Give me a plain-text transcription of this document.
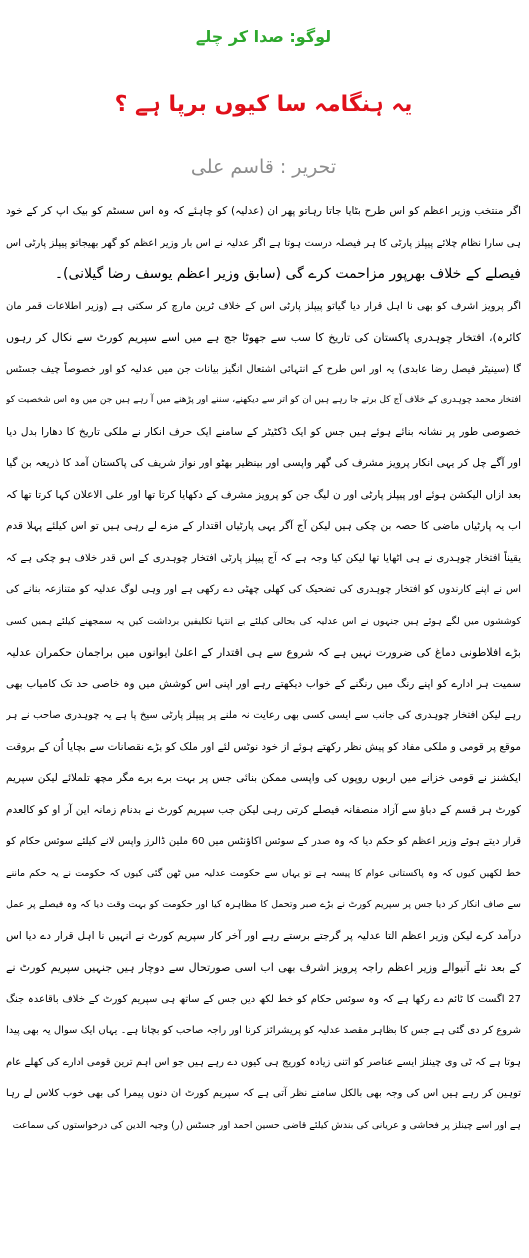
لوگو: صدا کر چلے
یہ ہنگامہ سا کیوں برپا ہے ؟
تحریر : قاسم علی
اگر منتخب وزیر اعظم کو اس طرح بٹایا جاتا رہاتو پھر ان (عدلیہ) کو چاہئے کہ وہ اس سسٹم کو بیک اپ کر کے خود
ہی سارا نظام چلائے پیپلز پارٹی کا ہر فیصلہ درست ہوتا ہے اگر عدلیہ نے اس بار وزیر اعظم کو گھر بھیجاتو پیپلز پارٹی اس
فیصلے کے خلاف بھرپور مزاحمت کرے گی (سابق وزیر اعظم یوسف رضا گیلانی)۔
اگر پرویز اشرف کو بھی نا اہل قرار دیا گیاتو پیپلز پارٹی اس کے خلاف ٹرین مارچ کر سکتی ہے (وزیر اطلاعات قمر مان
کائرہ)، افتخار چوہدری پاکستان کی تاریخ کا سب سے جھوٹا جج ہے میں اسے سپریم کورٹ سے نکال کر رہوں
گا (سینیٹر فیصل رضا عابدی) یہ اور اس طرح کے انتہائی اشتعال انگیز بیانات جن میں عدلیہ کو اور خصوصاً چیف جسٹس
افتخار محمد چوہدری کے خلاف آج کل برتے جا رہے ہیں ان کو اتر سے دیکھنے، سننے اور پڑھنے میں آ رہے ہیں جن میں وہ اس شخصیت کو
خصوصی طور پر نشانہ بنائے ہوئے ہیں جس کو ایک ڈکٹیٹر کے سامنے ایک حرف انکار نے ملکی تاریخ کا دھارا بدل دیا
اور آگے چل کر یہی انکار پرویز مشرف کی گھر واپسی اور بینظیر بھٹو اور نواز شریف کی پاکستان آمد کا ذریعہ بن گیا
بعد ازاں الیکشن ہوئے اور پیپلز پارٹی اور ن لیگ جن کو پرویز مشرف کے دکھایا کرتا تھا اور علی الاعلان کہا کرتا تھا کہ
اب یہ پارٹیاں ماضی کا حصہ بن چکی ہیں لیکن آج آگر یہی پارٹیاں اقتدار کے مزے لے رہی ہیں تو اس کیلئے پہلا قدم
یقیناً افتخار چوہدری نے ہی اٹھایا تھا لیکن کیا وجہ ہے کہ آج پیپلز پارٹی افتخار چوہدری کے اس قدر خلاف ہو چکی ہے کہ
اس نے اپنے کارندوں کو افتخار چوہدری کی تضحیک کی کھلی چھٹی دے رکھی ہے اور وہی لوگ عدلیہ کو متنازعہ بنانے کی
کوششوں میں لگے ہوئے ہیں جنہوں نے اس عدلیہ کی بحالی کیلئے بے انتہا تکلیفیں برداشت کیں یہ سمجھنے کیلئے ہمیں کسی
بڑے افلاطونی دماغ کی ضرورت نہیں ہے کہ شروع سے ہی اقتدار کے اعلیٰ ایوانوں میں براجمان حکمران عدلیہ
سمیت ہر ادارے کو اپنے رنگ میں رنگنے کے خواب دیکھتے رہے اور اپنی اس کوشش میں وہ خاصی حد تک کامیاب بھی
رہے لیکن افتخار چوہدری کی جانب سے ایسی کسی بھی رعایت نہ ملنے پر پیپلز پارٹی سیخ پا ہے یہ چوہدری صاحب نے ہر
موقع پر قومی و ملکی مفاد کو پیش نظر رکھتے ہوئے از خود نوٹس لئے اور ملک کو بڑے نقصانات سے بچایا اُن کے بروقت
ایکشنز نے قومی خزانے میں اربوں روپوں کی واپسی ممکن بنائی جس پر بہت برے برے مگر مچھ تلملائے لیکن سپریم
کورٹ ہر قسم کے دباؤ سے آزاد منصفانہ فیصلے کرتی رہی لیکن جب سپریم کورٹ نے بدنام زمانہ این آر او کو کالعدم
قرار دیتے ہوئے وزیر اعظم کو حکم دیا کہ وہ صدر کے سوئس اکاؤنٹس میں 60 ملین ڈالرز واپس لانے کیلئے سوئس حکام کو
خط لکھیں کیوں کہ وہ پاکستانی عوام کا پیسہ ہے تو یہاں سے حکومت عدلیہ میں ٹھن گئی کیوں کہ حکومت نے یہ حکم ماننے
سے صاف انکار کر دیا جس پر سپریم کورٹ نے بڑے صبر وتحمل کا مظاہرہ کیا اور حکومت کو بہت وقت دیا کہ وہ فیصلے پر عمل
درآمد کرے لیکن وزیر اعظم التا عدلیہ پر گرجتے برستے رہے اور آخر کار سپریم کورٹ نے انہیں نا اہل قرار دے دیا اس
کے بعد نئے آنیوالے وزیر اعظم راجہ پرویز اشرف بھی اب اسی صورتحال سے دوچار ہیں جنہیں سپریم کورٹ نے
27 اگست کا ٹائم دے رکھا ہے کہ وہ سوئس حکام کو خط لکھ دیں جس کے ساتھ ہی سپریم کورٹ کے خلاف باقاعدہ جنگ
شروع کر دی گئی ہے جس کا بظاہر مقصد عدلیہ کو پریشرائز کرنا اور راجہ صاحب کو بچانا ہے۔ یہاں ایک سوال یہ بھی پیدا
ہوتا ہے کہ ٹی وی چینلز ایسے عناصر کو اتنی زیادہ کوریج ہی کیوں دے رہے ہیں جو اس اہم ترین قومی ادارے کی کھلے عام
توہین کر رہے ہیں اس کی وجہ بھی بالکل سامنے نظر آتی ہے کہ سپریم کورٹ ان دنوں پیمرا کی بھی خوب کلاس لے رہا
ہے اور اسے چینلز پر فحاشی و عریانی کی بندش کیلئے قاضی حسین احمد اور جسٹس (ر) وجیہ الدین کی درخواستوں کی سماعت
